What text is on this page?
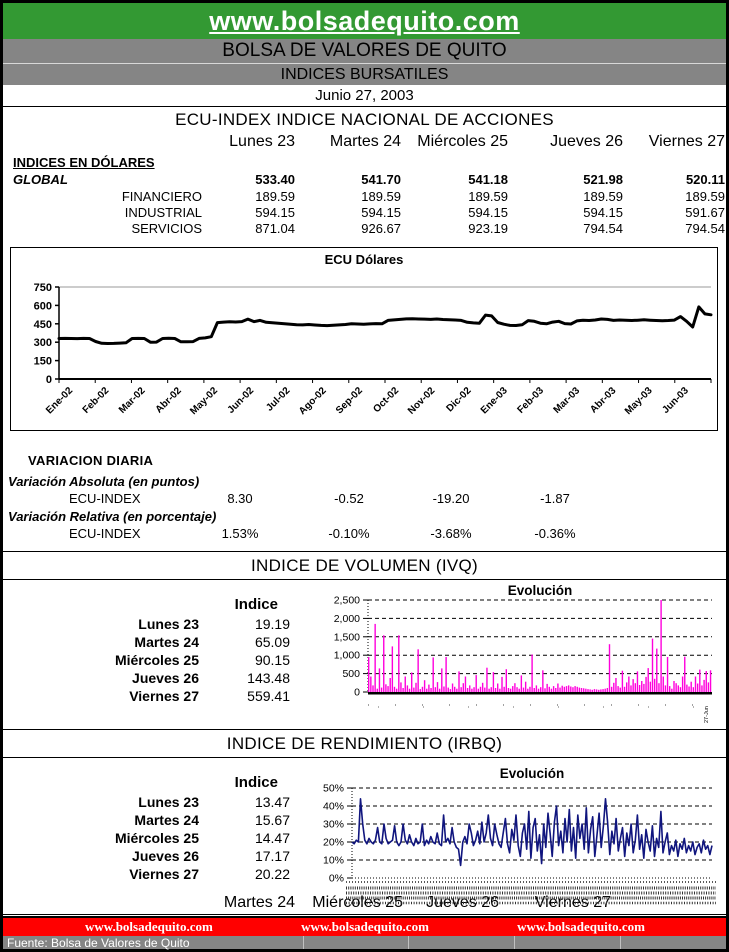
www.bolsadequito.com
BOLSA DE VALORES DE QUITO
INDICES BURSATILES
Junio 27, 2003
ECU-INDEX INDICE NACIONAL DE ACCIONES
Lunes 23	Martes 24	Miércoles 25	Jueves 26	Viernes 27
INDICES EN DÓLARES
GLOBAL	533.40	541.70	541.18	521.98	520.11
FINANCIERO	189.59	189.59	189.59	189.59	189.59
INDUSTRIAL	594.15	594.15	594.15	594.15	591.67
SERVICIOS	871.04	926.67	923.19	794.54	794.54
ECU Dólares
0
150
300
450
600
750
Ene-02 Feb-02 Mar-02 Abr-02 May-02 Jun-02 Jul-02 Ago-02 Sep-02 Oct-02 Nov-02 Dic-02 Ene-03 Feb-03 Mar-03 Abr-03 May-03 Jun-03
VARIACION DIARIA
Martes 24	Miércoles 25	Jueves 26	Viernes 27
Variación Absoluta (en puntos)
ECU-INDEX	8.30	-0.52	-19.20	-1.87
Variación Relativa (en porcentaje)
ECU-INDEX	1.53%	-0.10%	-3.68%	-0.36%
INDICE DE VOLUMEN (IVQ)
Indice
Lunes 23	19.19
Martes 24	65.09
Miércoles 25	90.15
Jueves 26	143.48
Viernes 27	559.41
Evolución
0
500
1,000
1,500
2,000
2,500
27-Jun
INDICE DE RENDIMIENTO (IRBQ)
Indice
Lunes 23	13.47
Martes 24	15.67
Miércoles 25	14.47
Jueves 26	17.17
Viernes 27	20.22
Evolución
0%
10%
20%
30%
40%
50%
www.bolsadequito.com	www.bolsadequito.com	www.bolsadequito.com
Fuente: Bolsa de Valores de Quito
